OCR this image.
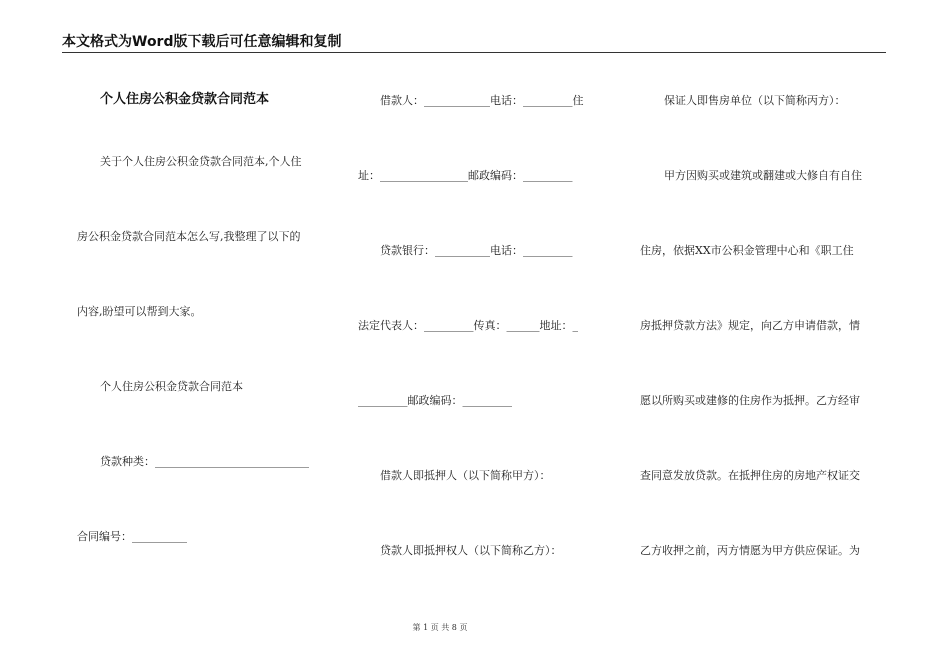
本文格式为Word版下载后可任意编辑和复制
个人住房公积金贷款合同范本
关于个人住房公积金贷款合同范本,个人住
房公积金贷款合同范本怎么写,我整理了以下的
内容,盼望可以帮到大家。
个人住房公积金贷款合同范本
贷款种类：____________________________
合同编号：__________
借款人：____________电话：_________住
址：________________邮政编码：_________
贷款银行：__________电话：_________
法定代表人：_________传真：______地址：_
_________邮政编码：_________
借款人即抵押人（以下简称甲方）：
贷款人即抵押权人（以下简称乙方）：
保证人即售房单位（以下简称丙方）：
甲方因购买或建筑或翻建或大修自有自住
住房，依据XX市公积金管理中心和《职工住
房抵押贷款方法》规定，向乙方申请借款，情
愿以所购买或建修的住房作为抵押。乙方经审
查同意发放贷款。在抵押住房的房地产权证交
乙方收押之前，丙方情愿为甲方供应保证。为
第 1 页 共 8 页
